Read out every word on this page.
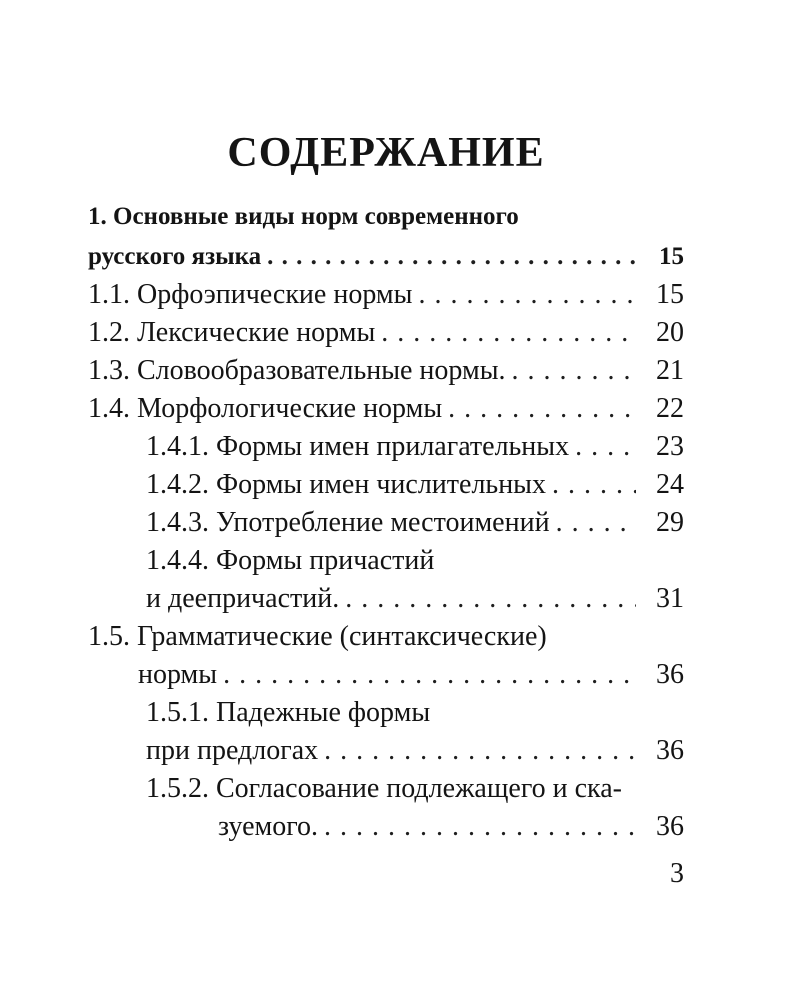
СОДЕРЖАНИЕ
1. Основные виды норм современного
русского языка . . .	15
1.1. Орфоэпические нормы . . .	15
1.2. Лексические нормы . . .	20
1.3. Словообразовательные нормы. . . .	21
1.4. Морфологические нормы . . .	22
1.4.1. Формы имен прилагательных . . .	23
1.4.2. Формы имен числительных . . .	24
1.4.3. Употребление местоимений . . .	29
1.4.4. Формы причастий
и деепричастий. . . .	31
1.5. Грамматические (синтаксические)
нормы . . .	36
1.5.1. Падежные формы
при предлогах . . .	36
1.5.2. Согласование подлежащего и ска-
зуемого. . . .	36
3
